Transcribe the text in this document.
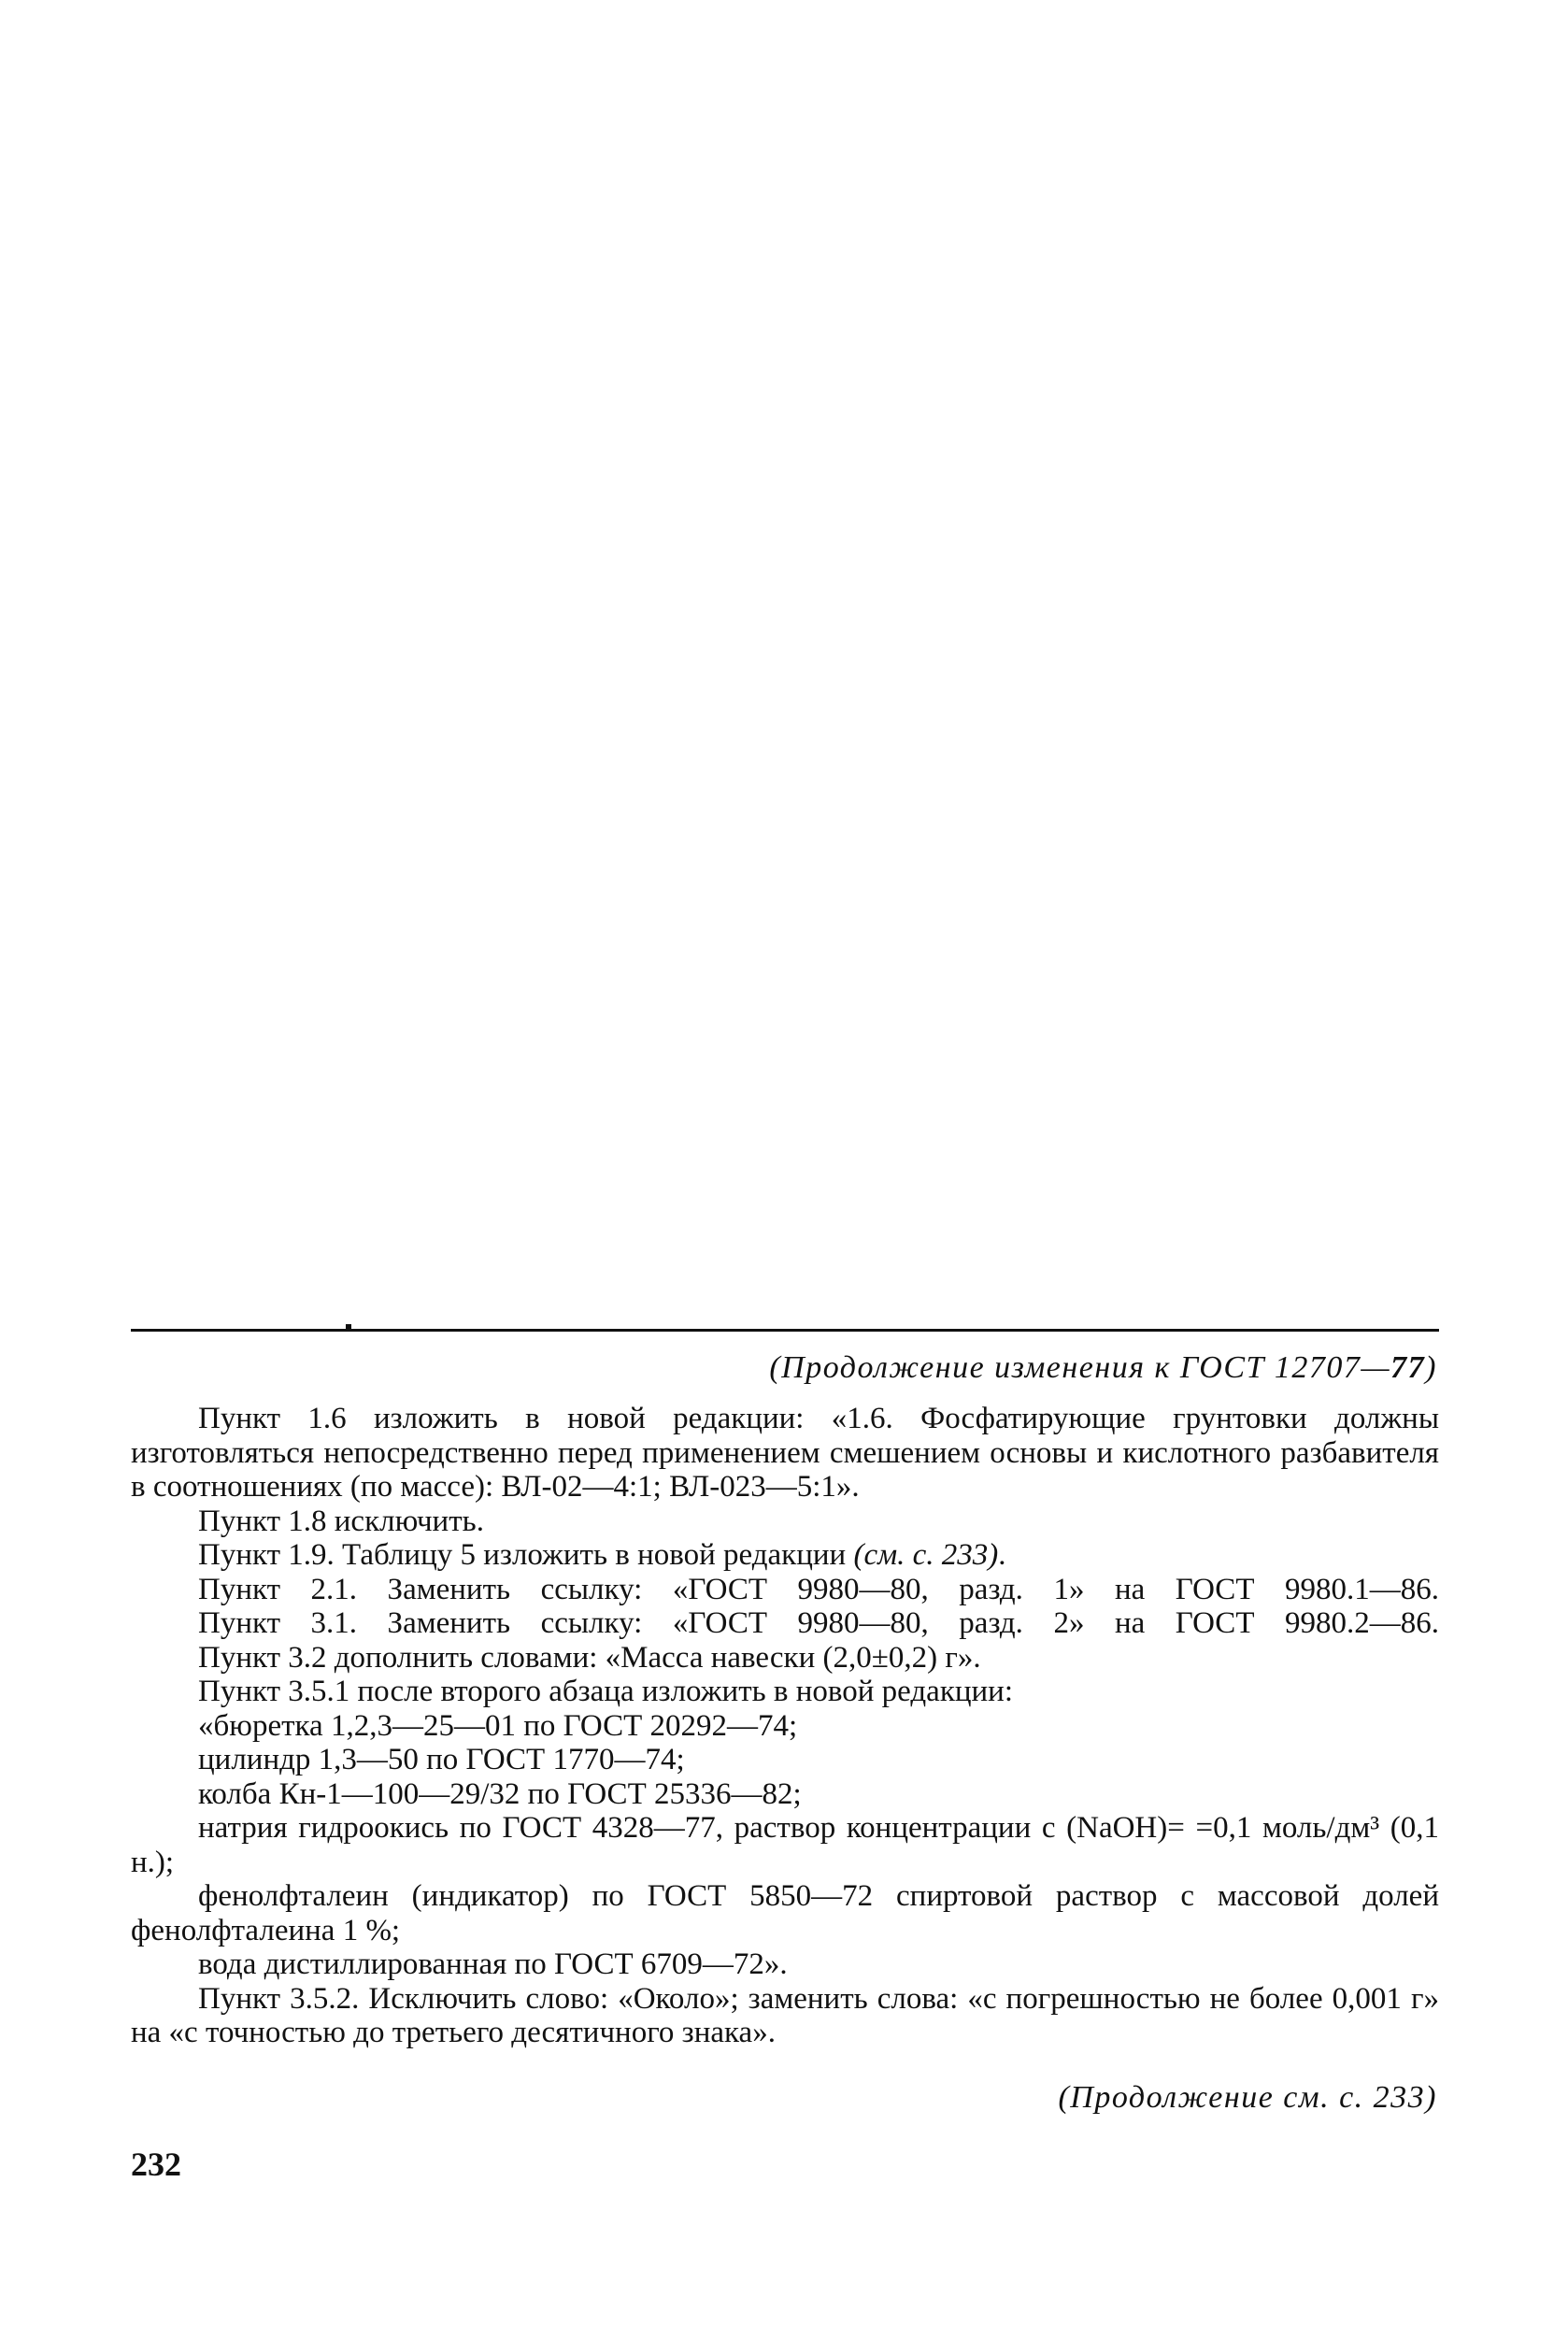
(Продолжение изменения к ГОСТ 12707—77)

Пункт 1.6 изложить в новой редакции: «1.6. Фосфатирующие грунтовки должны изготовляться непосредственно перед применением смешением основы и кислотного разбавителя в соотношениях (по массе): ВЛ-02—4:1; ВЛ-023—5:1».

Пункт 1.8 исключить.

Пункт 1.9. Таблицу 5 изложить в новой редакции (см. с. 233).

Пункт 2.1. Заменить ссылку: «ГОСТ 9980—80, разд. 1» на ГОСТ 9980.1—86.

Пункт 3.1. Заменить ссылку: «ГОСТ 9980—80, разд. 2» на ГОСТ 9980.2—86.

Пункт 3.2 дополнить словами: «Масса навески (2,0±0,2) г».

Пункт 3.5.1 после второго абзаца изложить в новой редакции:

«бюретка 1,2,3—25—01 по ГОСТ 20292—74;

цилиндр 1,3—50 по ГОСТ 1770—74;

колба Кн-1—100—29/32 по ГОСТ 25336—82;

натрия гидроокись по ГОСТ 4328—77, раствор концентрации с (NaOH)= =0,1 моль/дм³ (0,1 н.);

фенолфталеин (индикатор) по ГОСТ 5850—72 спиртовой раствор с массовой долей фенолфталеина 1 %;

вода дистиллированная по ГОСТ 6709—72».

Пункт 3.5.2. Исключить слово: «Около»; заменить слова: «с погрешностью не более 0,001 г» на «с точностью до третьего десятичного знака».

(Продолжение см. с. 233)
232
